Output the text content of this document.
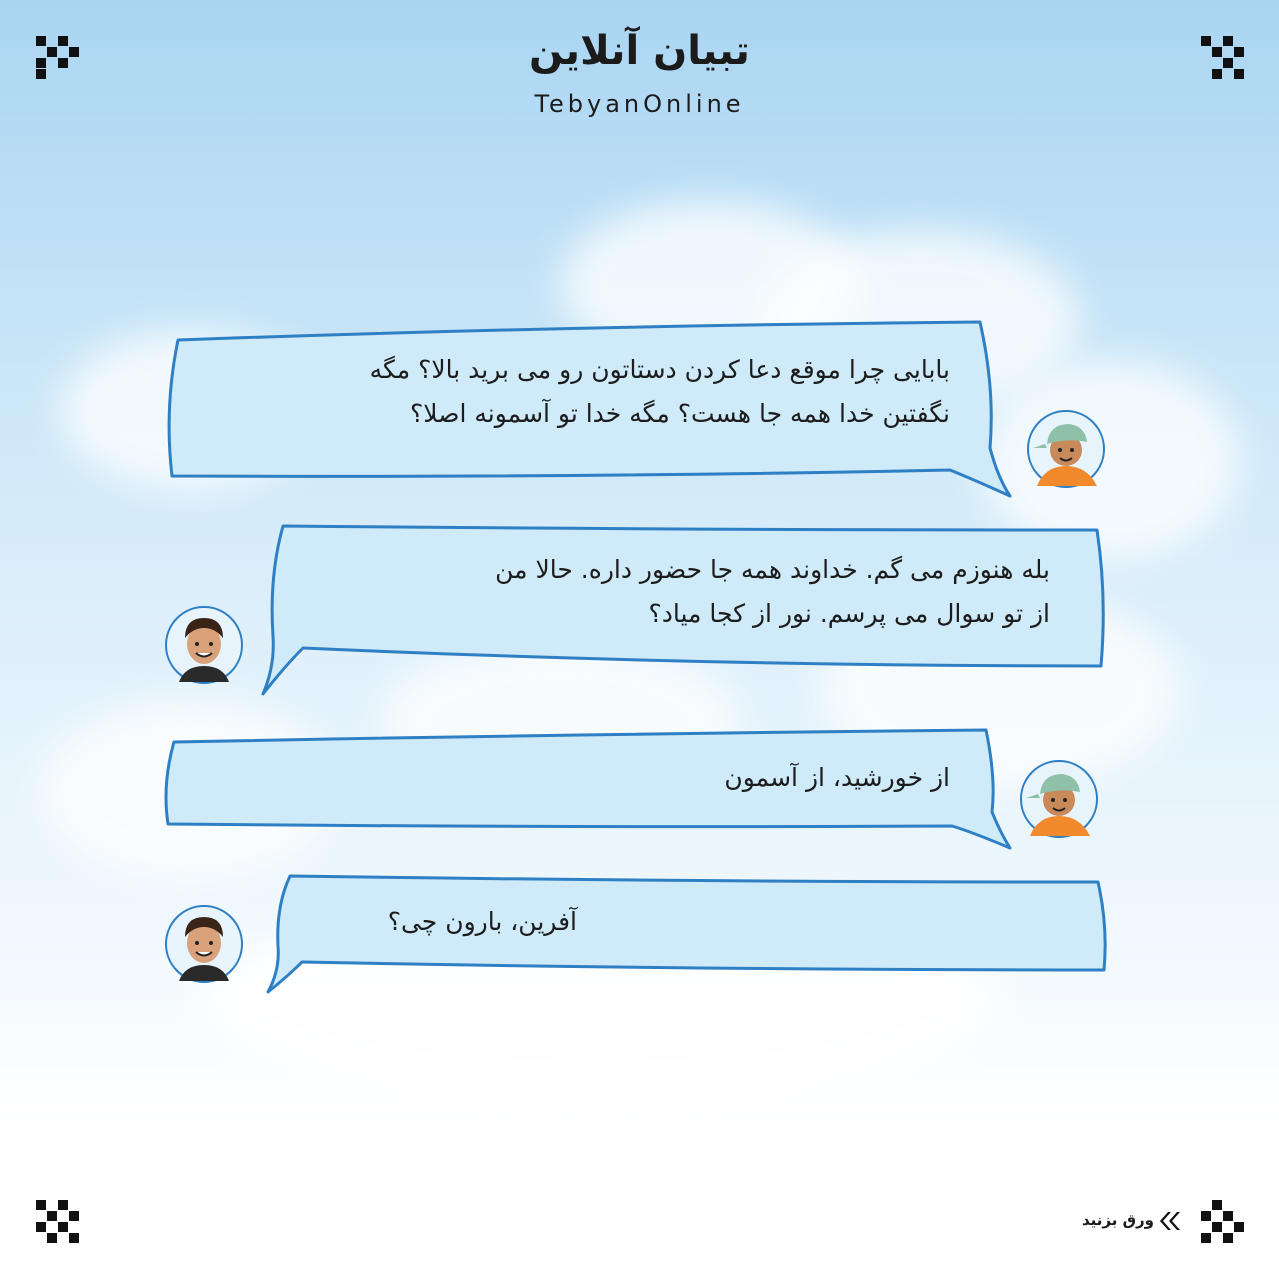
تبیان آنلاین
TebyanOnline
بابایی چرا موقع دعا کردن دستاتون رو می برید بالا؟ مگه
نگفتین خدا همه جا هست؟ مگه خدا تو آسمونه اصلا؟
بله هنوزم می گم. خداوند همه جا حضور داره. حالا من
از تو سوال می پرسم. نور از کجا میاد؟
از خورشید، از آسمون
آفرین، بارون چی؟
ورق بزنید
